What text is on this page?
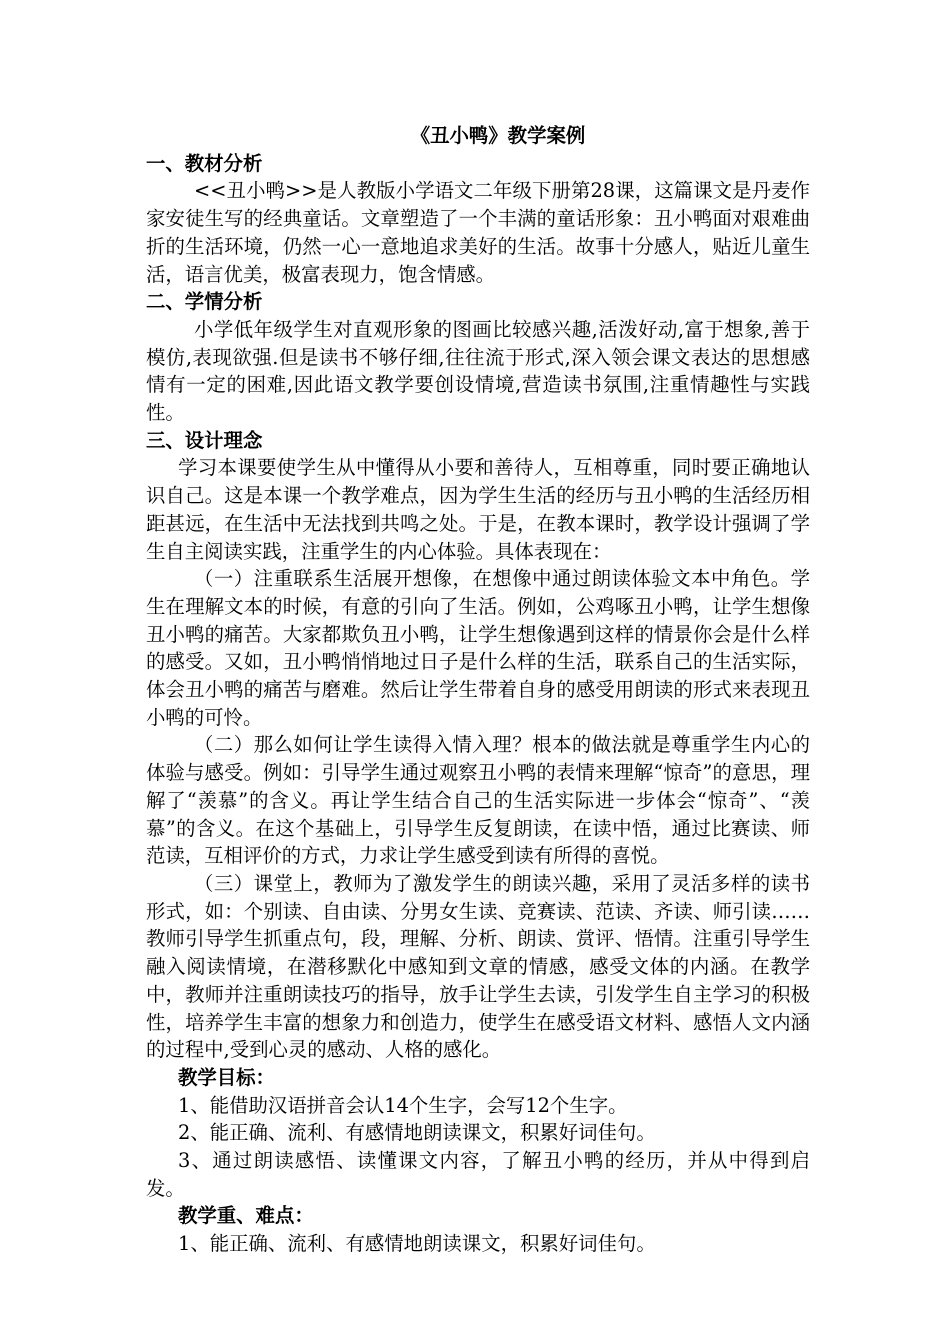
《丑小鸭》教学案例

一、教材分析

<<丑小鸭>>是人教版小学语文二年级下册第28课，这篇课文是丹麦作家安徒生写的经典童话。文章塑造了一个丰满的童话形象：丑小鸭面对艰难曲折的生活环境，仍然一心一意地追求美好的生活。故事十分感人，贴近儿童生活，语言优美，极富表现力，饱含情感。

二、学情分析

小学低年级学生对直观形象的图画比较感兴趣,活泼好动,富于想象,善于模仿,表现欲强.但是读书不够仔细,往往流于形式,深入领会课文表达的思想感情有一定的困难,因此语文教学要创设情境,营造读书氛围,注重情趣性与实践性。

三、设计理念

学习本课要使学生从中懂得从小要和善待人，互相尊重，同时要正确地认识自己。这是本课一个教学难点，因为学生生活的经历与丑小鸭的生活经历相距甚远，在生活中无法找到共鸣之处。于是，在教本课时，教学设计强调了学生自主阅读实践，注重学生的内心体验。具体表现在：

（一）注重联系生活展开想像，在想像中通过朗读体验文本中角色。学生在理解文本的时候，有意的引向了生活。例如，公鸡啄丑小鸭，让学生想像丑小鸭的痛苦。大家都欺负丑小鸭，让学生想像遇到这样的情景你会是什么样的感受。又如，丑小鸭悄悄地过日子是什么样的生活，联系自己的生活实际，体会丑小鸭的痛苦与磨难。然后让学生带着自身的感受用朗读的形式来表现丑小鸭的可怜。

（二）那么如何让学生读得入情入理？根本的做法就是尊重学生内心的体验与感受。例如：引导学生通过观察丑小鸭的表情来理解“惊奇”的意思，理解了“羡慕”的含义。再让学生结合自己的生活实际进一步体会“惊奇”、“羡慕”的含义。在这个基础上，引导学生反复朗读，在读中悟，通过比赛读、师范读，互相评价的方式，力求让学生感受到读有所得的喜悦。

（三）课堂上，教师为了激发学生的朗读兴趣，采用了灵活多样的读书形式，如：个别读、自由读、分男女生读、竞赛读、范读、齐读、师引读……教师引导学生抓重点句，段，理解、分析、朗读、赏评、悟情。注重引导学生融入阅读情境，在潜移默化中感知到文章的情感，感受文体的内涵。在教学中，教师并注重朗读技巧的指导，放手让学生去读，引发学生自主学习的积极性，培养学生丰富的想象力和创造力，使学生在感受语文材料、感悟人文内涵的过程中,受到心灵的感动、人格的感化。

教学目标：

1、能借助汉语拼音会认14个生字，会写12个生字。

2、能正确、流利、有感情地朗读课文，积累好词佳句。

3、通过朗读感悟、读懂课文内容，了解丑小鸭的经历，并从中得到启发。

教学重、难点：

1、能正确、流利、有感情地朗读课文，积累好词佳句。
